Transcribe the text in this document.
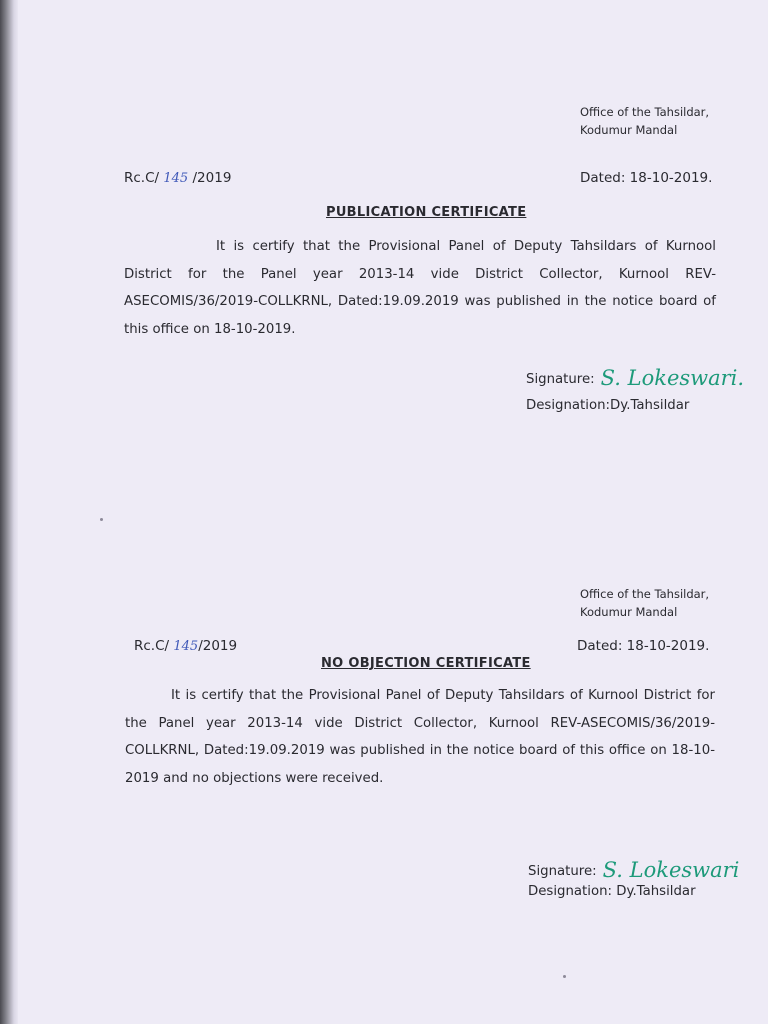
Office of the Tahsildar,
Kodumur Mandal
Rc.C/ 145 /2019	Dated: 18-10-2019.
PUBLICATION CERTIFICATE
It is certify that the Provisional Panel of Deputy Tahsildars of Kurnool District for the Panel year 2013-14 vide District Collector, Kurnool REV-ASECOMIS/36/2019-COLLKRNL, Dated:19.09.2019 was published in the notice board of this office on 18-10-2019.
Signature: S. Lokeswari.
Designation:Dy.Tahsildar
Office of the Tahsildar,
Kodumur Mandal
Rc.C/ 145/2019	Dated: 18-10-2019.
NO OBJECTION CERTIFICATE
It is certify that the Provisional Panel of Deputy Tahsildars of Kurnool District for the Panel year 2013-14 vide District Collector, Kurnool REV-ASECOMIS/36/2019-COLLKRNL, Dated:19.09.2019 was published in the notice board of this office on 18-10-2019 and no objections were received.
Signature: S. Lokeswari
Designation: Dy.Tahsildar
